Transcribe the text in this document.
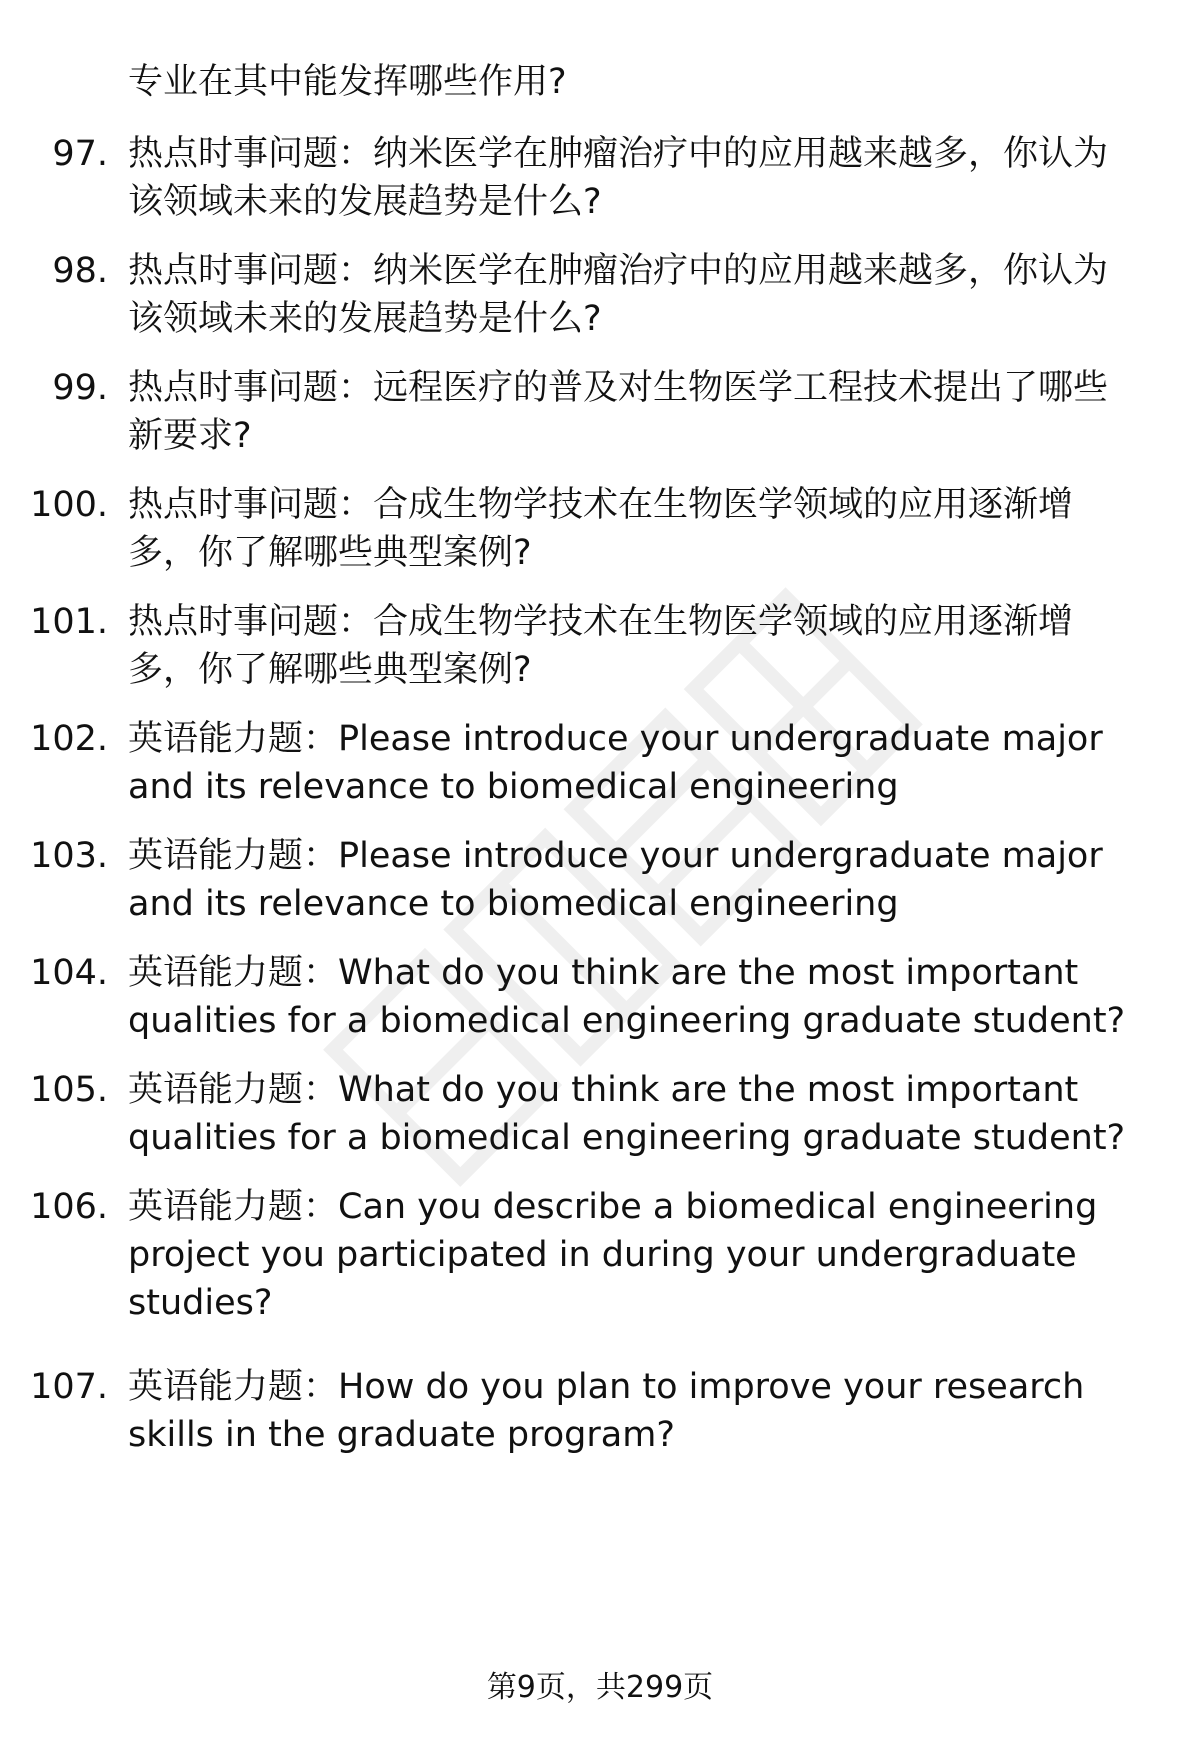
专业在其中能发挥哪些作用?
97. 热点时事问题：纳米医学在肿瘤治疗中的应用越来越多，你认为
该领域未来的发展趋势是什么?
98. 热点时事问题：纳米医学在肿瘤治疗中的应用越来越多，你认为
该领域未来的发展趋势是什么?
99. 热点时事问题：远程医疗的普及对生物医学工程技术提出了哪些
新要求?
100. 热点时事问题：合成生物学技术在生物医学领域的应用逐渐增
多，你了解哪些典型案例?
101. 热点时事问题：合成生物学技术在生物医学领域的应用逐渐增
多，你了解哪些典型案例?
102. 英语能力题：Please introduce your undergraduate major
and its relevance to biomedical engineering
103. 英语能力题：Please introduce your undergraduate major
and its relevance to biomedical engineering
104. 英语能力题：What do you think are the most important
qualities for a biomedical engineering graduate student?
105. 英语能力题：What do you think are the most important
qualities for a biomedical engineering graduate student?
106. 英语能力题：Can you describe a biomedical engineering
project you participated in during your undergraduate
studies?
107. 英语能力题：How do you plan to improve your research
skills in the graduate program?
第9页，共299页
